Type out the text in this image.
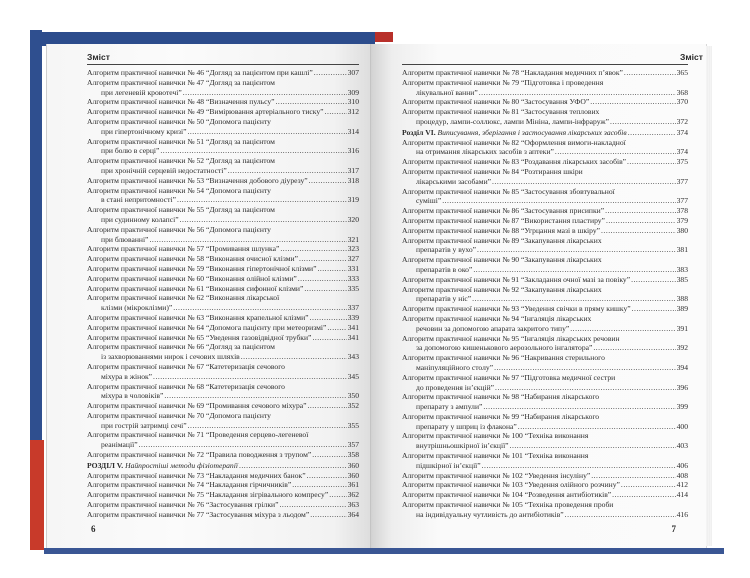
Зміст
Алгоритм практичної навички № 46 “Догляд за пацієнтом при кашлі” .....	307
Алгоритм практичної навички № 47 “Догляд за пацієнтом
при легеневій кровотечі” .....	309
Алгоритм практичної навички № 48 “Визначення пульсу” .....	310
Алгоритм практичної навички № 49 “Вимірювання артеріального тиску” .....	312
Алгоритм практичної навички № 50 “Допомога пацієнту
при гіпертонічному кризі” .....	314
Алгоритм практичної навички № 51 “Догляд за пацієнтом
при болю в серці” .....	316
Алгоритм практичної навички № 52 “Догляд за пацієнтом
при хронічній серцевій недостатності” .....	317
Алгоритм практичної навички № 53 “Визначення добового діурезу” .....	318
Алгоритм практичної навички № 54 “Допомога пацієнту
в стані непритомності” .....	319
Алгоритм практичної навички № 55 “Догляд за пацієнтом
при судинному колапсі” .....	320
Алгоритм практичної навички № 56 “Допомога пацієнту
при блюванні” .....	321
Алгоритм практичної навички № 57 “Промивання шлунка” .....	323
Алгоритм практичної навички № 58 “Виконання очисної клізми” .....	327
Алгоритм практичної навички № 59 “Виконання гіпертонічної клізми” .....	331
Алгоритм практичної навички № 60 “Виконання олійної клізми” .....	333
Алгоритм практичної навички № 61 “Виконання сифонної клізми” .....	335
Алгоритм практичної навички № 62 “Виконання лікарської
клізми (мікроклізми)” .....	337
Алгоритм практичної навички № 63 “Виконання крапельної клізми” .....	339
Алгоритм практичної навички № 64 “Допомога пацієнту при метеоризмі” .....	341
Алгоритм практичної навички № 65 “Уведення газовідвідної трубки” .....	341
Алгоритм практичної навички № 66 “Догляд за пацієнтом
із захворюваннями нирок і сечових шляхів .....	343
Алгоритм практичної навички № 67 “Катетеризація сечового
міхура в жінок” .....	345
Алгоритм практичної навички № 68 “Катетеризація сечового
міхура в чоловіків” .....	350
Алгоритм практичної навички № 69 “Промивання сечового міхура” .....	352
Алгоритм практичної навички № 70 “Допомога пацієнту
при гострій затримці сечі” .....	355
Алгоритм практичної навички № 71 “Проведення серцево-легеневої
реанімації” .....	357
Алгоритм практичної навички № 72 “Правила поводження з трупом” .....	358
РОЗДІЛ V. Найпростіші методи фізіотерапії .....	360
Алгоритм практичної навички № 73 “Накладання медичних банок” .....	360
Алгоритм практичної навички № 74 “Накладання гірчичників” .....	361
Алгоритм практичної навички № 75 “Накладання зігрівального компресу” .....	362
Алгоритм практичної навички № 76 “Застосування грілки” .....	363
Алгоритм практичної навички № 77 “Застосування міхура з льодом” .....	364
6
Зміст
Алгоритм практичної навички № 78 “Накладання медичних п’явок” .....	365
Алгоритм практичної навички № 79 “Підготовка і проведення
лікувальної ванни” .....	368
Алгоритм практичної навички № 80 “Застосування УФО” .....	370
Алгоритм практичної навички № 81 “Застосування теплових
процедур, лампи-соллюкс, лампи Мініна, лампи-інфраруж” .....	372
Розділ VI. Виписування, зберігання і застосування лікарських засобів .....	374
Алгоритм практичної навички № 82 “Оформлення вимоги-накладної
на отримання лікарських засобів з аптеки” .....	374
Алгоритм практичної навички № 83 “Роздавання лікарських засобів” .....	375
Алгоритм практичної навички № 84 “Розтирання шкіри
лікарськими засобами” .....	377
Алгоритм практичної навички № 85 “Застосування збовтувальної
суміші” .....	377
Алгоритм практичної навички № 86 “Застосування присипки” .....	378
Алгоритм практичної навички № 87 “Використання пластиру” .....	379
Алгоритм практичної навички № 88 “Угрцання мазі в шкіру” .....	380
Алгоритм практичної навички № 89 “Закапування лікарських
препаратів у вухо” .....	381
Алгоритм практичної навички № 90 “Закапування лікарських
препаратів в око” .....	383
Алгоритм практичної навички № 91 “Закладання очної мазі за повіку” .....	385
Алгоритм практичної навички № 92 “Закапування лікарських
препаратів у ніс” .....	388
Алгоритм практичної навички № 93 “Уведення свічки в пряму кишку” .....	389
Алгоритм практичної навички № 94 “Інгаляція лікарських
речовин за допомогою апарата закритого типу” .....	391
Алгоритм практичної навички № 95 “Інгаляція лікарських речовин
за допомогою кишенькового аерозольного інгалятора” .....	392
Алгоритм практичної навички № 96 “Накривання стерильного
маніпуляційного столу” .....	394
Алгоритм практичної навички № 97 “Підготовка медичної сестри
до проведення ін’єкцій” .....	396
Алгоритм практичної навички № 98 “Набирання лікарського
препарату з ампули” .....	399
Алгоритм практичної навички № 99 “Набирання лікарського
препарату у шприц із флакона” .....	400
Алгоритм практичної навички № 100 “Техніка виконання
внутрішньошкірної ін’єкції” .....	403
Алгоритм практичної навички № 101 “Техніка виконання
підшкірної ін’єкції” .....	406
Алгоритм практичної навички № 102 “Уведення інсуліну” .....	408
Алгоритм практичної навички № 103 “Уведення олійного розчину” .....	412
Алгоритм практичної навички № 104 “Розведення антибіотиків” .....	414
Алгоритм практичної навички № 105 “Техніка проведення проби
на індивідуальну чутливість до антибіотиків” .....	416
7
